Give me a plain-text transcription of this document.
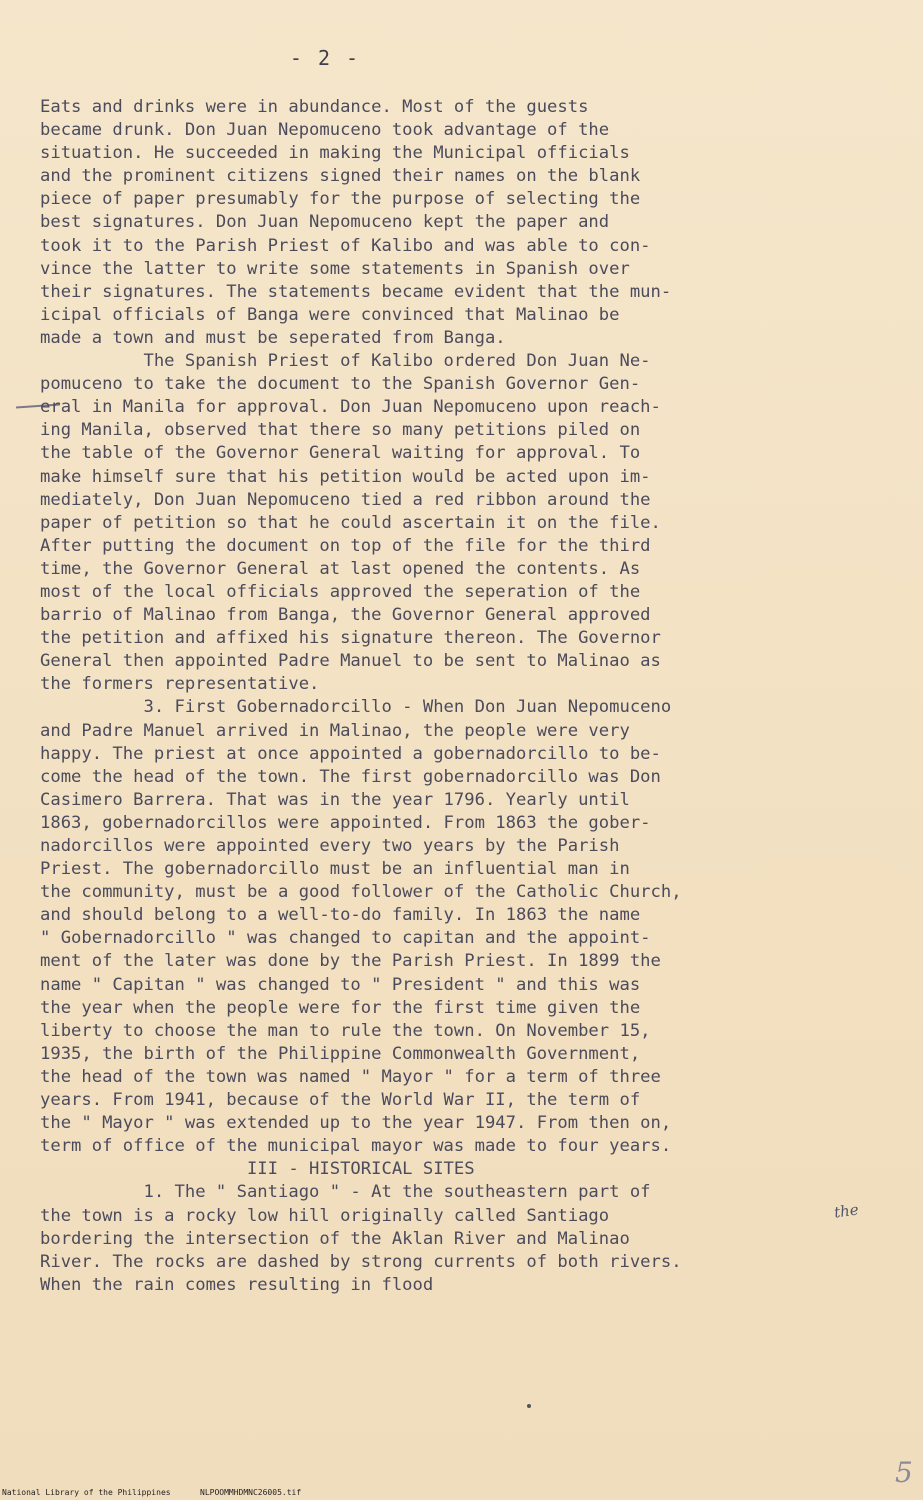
- 2 -
Eats and drinks were in abundance. Most of the guests
became drunk. Don Juan Nepomuceno took advantage of the
situation. He succeeded in making the Municipal officials
and the prominent citizens signed their names on the blank
piece of paper presumably for the purpose of selecting the
best signatures. Don Juan Nepomuceno kept the paper and
took it to the Parish Priest of Kalibo and was able to con-
vince the latter to write some statements in Spanish over
their signatures. The statements became evident that the mun-
icipal officials of Banga were convinced that Malinao be
made a town and must be seperated from Banga.
The Spanish Priest of Kalibo ordered Don Juan Ne-
pomuceno to take the document to the Spanish Governor Gen-
eral in Manila for approval. Don Juan Nepomuceno upon reach-
ing Manila, observed that there so many petitions piled on
the table of the Governor General waiting for approval. To
make himself sure that his petition would be acted upon im-
mediately, Don Juan Nepomuceno tied a red ribbon around the
paper of petition so that he could ascertain it on the file.
After putting the document on top of the file for the third
time, the Governor General at last opened the contents. As
most of the local officials approved the seperation of the
barrio of Malinao from Banga, the Governor General approved
the petition and affixed his signature thereon. The Governor
General then appointed Padre Manuel to be sent to Malinao as
the formers representative.
3. First Gobernadorcillo - When Don Juan Nepomuceno
and Padre Manuel arrived in Malinao, the people were very
happy. The priest at once appointed a gobernadorcillo to be-
come the head of the town. The first gobernadorcillo was Don
Casimero Barrera. That was in the year 1796. Yearly until
1863, gobernadorcillos were appointed. From 1863 the gober-
nadorcillos were appointed every two years by the Parish
Priest. The gobernadorcillo must be an influential man in
the community, must be a good follower of the Catholic Church,
and should belong to a well-to-do family. In 1863 the name
" Gobernadorcillo " was changed to capitan and the appoint-
ment of the later was done by the Parish Priest. In 1899 the
name " Capitan " was changed to " President " and this was
the year when the people were for the first time given the
liberty to choose the man to rule the town. On November 15,
1935, the birth of the Philippine Commonwealth Government,
the head of the town was named " Mayor " for a term of three
years. From 1941, because of the World War II, the term of
the " Mayor " was extended up to the year 1947. From then on,
term of office of the municipal mayor was made to four years.
III - HISTORICAL SITES
1. The " Santiago " - At the southeastern part of
the town is a rocky low hill originally called Santiago
bordering the intersection of the Aklan River and Malinao
River. The rocks are dashed by strong currents of both rivers.
When the rain comes resulting in flood
the
5
National Library of the Philippines	NLPOOMMHDMNC26005.tif
